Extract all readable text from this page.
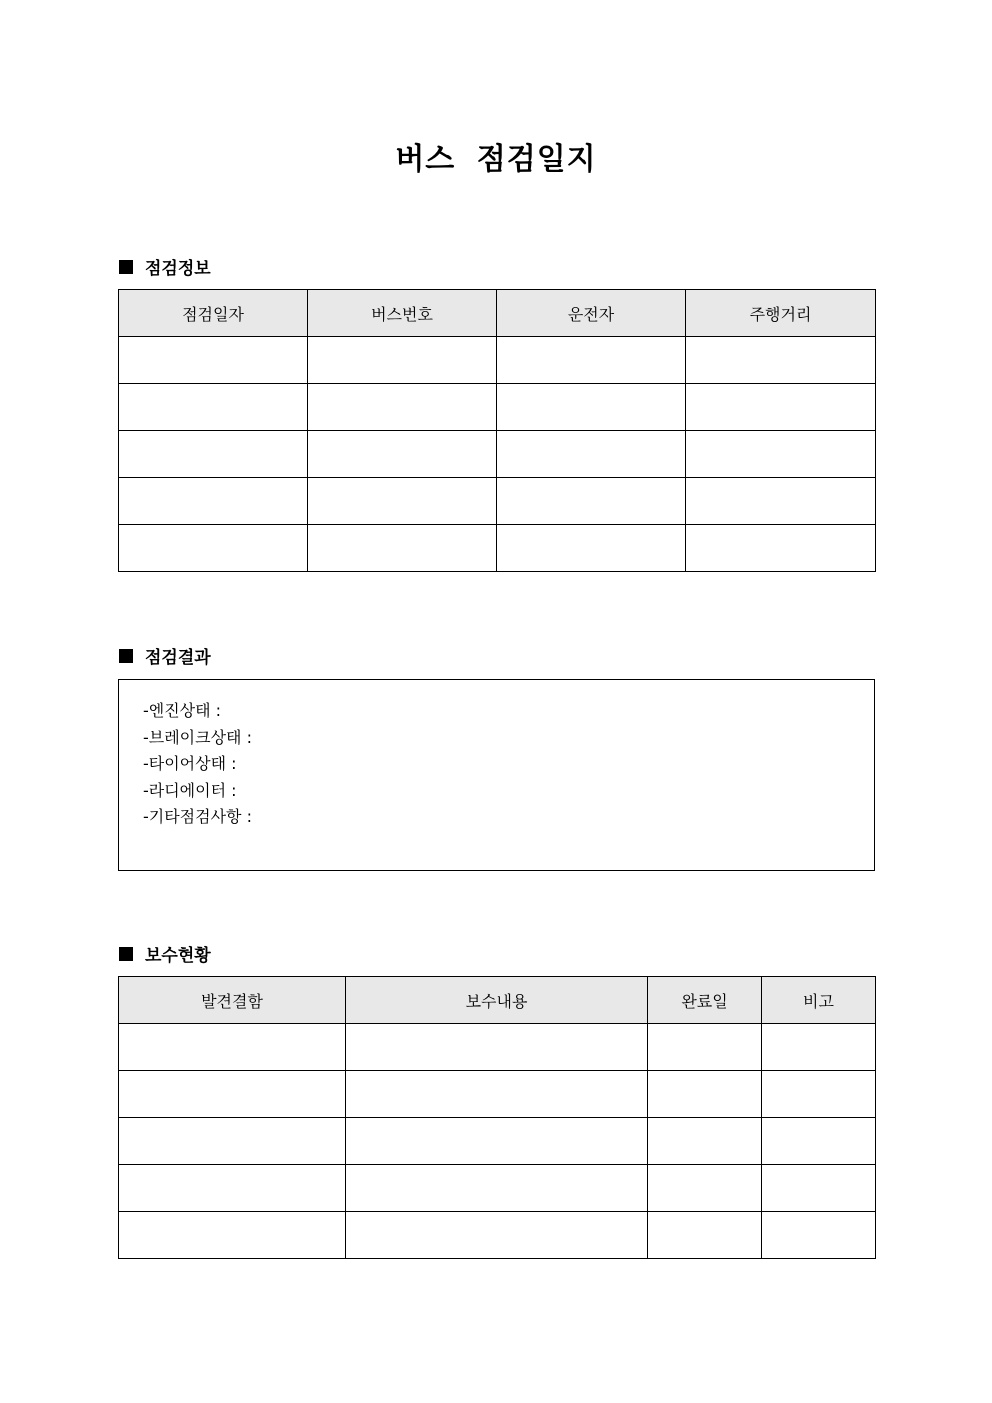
버스 점검일지
점검정보
점검일자	버스번호	운전자	주행거리

점검결과
-엔진상태 :
-브레이크상태 :
-타이어상태 :
-라디에이터 :
-기타점검사항 :
보수현황
발견결함	보수내용	완료일	비고
